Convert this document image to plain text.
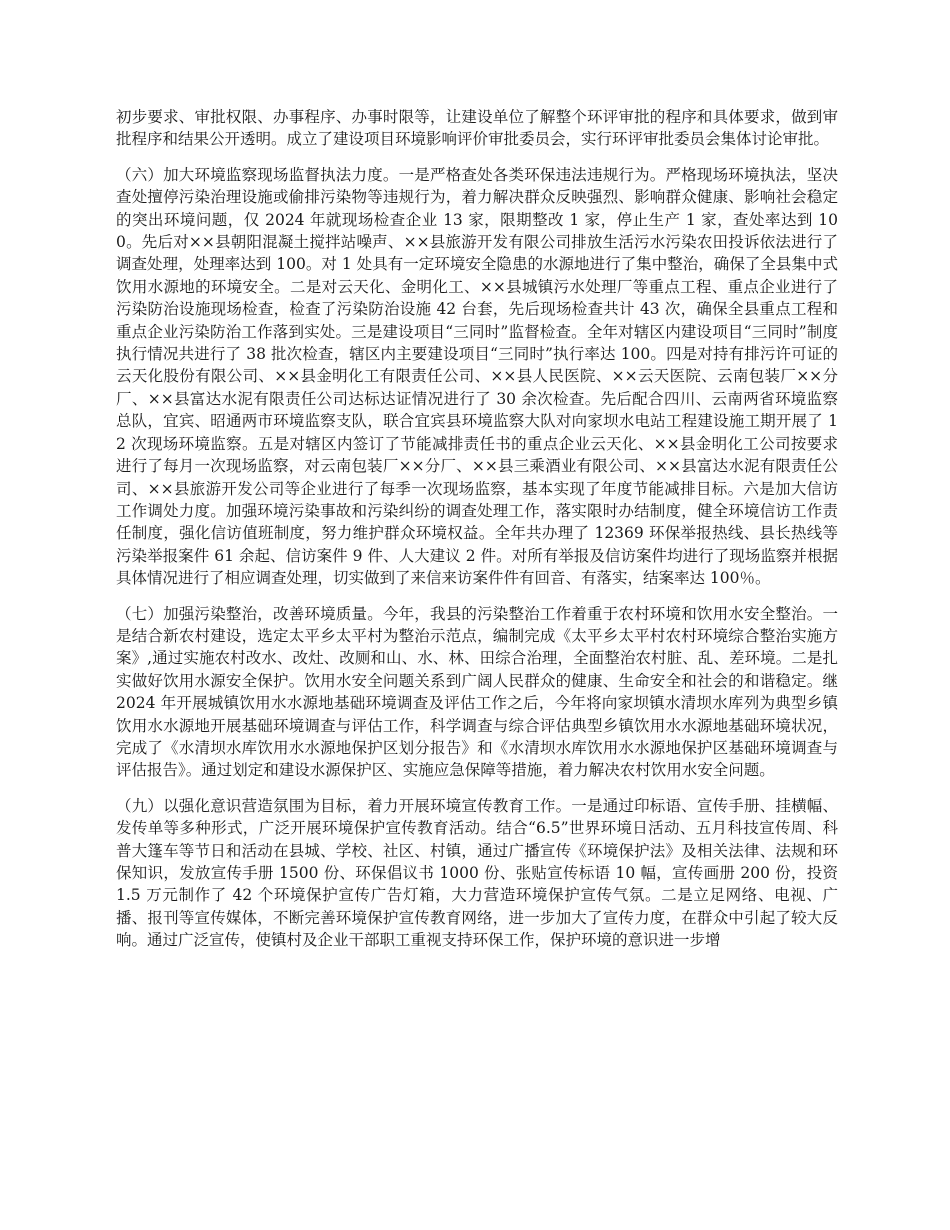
初步要求、审批权限、办事程序、办事时限等，让建设单位了解整个环评审批的程序和具体要求，做到审批程序和结果公开透明。成立了建设项目环境影响评价审批委员会，实行环评审批委员会集体讨论审批。

（六）加大环境监察现场监督执法力度。一是严格查处各类环保违法违规行为。严格现场环境执法，坚决查处擅停污染治理设施或偷排污染物等违规行为，着力解决群众反映强烈、影响群众健康、影响社会稳定的突出环境问题，仅 2024 年就现场检查企业 13 家，限期整改 1 家，停止生产 1 家，查处率达到 100。先后对××县朝阳混凝土搅拌站噪声、××县旅游开发有限公司排放生活污水污染农田投诉依法进行了调查处理，处理率达到 100。对 1 处具有一定环境安全隐患的水源地进行了集中整治，确保了全县集中式饮用水源地的环境安全。二是对云天化、金明化工、××县城镇污水处理厂等重点工程、重点企业进行了污染防治设施现场检查，检查了污染防治设施 42 台套，先后现场检查共计 43 次，确保全县重点工程和重点企业污染防治工作落到实处。三是建设项目“三同时”监督检查。全年对辖区内建设项目“三同时”制度执行情况共进行了 38 批次检查，辖区内主要建设项目“三同时”执行率达 100。四是对持有排污许可证的云天化股份有限公司、××县金明化工有限责任公司、××县人民医院、××云天医院、云南包装厂××分厂、××县富达水泥有限责任公司达标达证情况进行了 30 余次检查。先后配合四川、云南两省环境监察总队，宜宾、昭通两市环境监察支队，联合宜宾县环境监察大队对向家坝水电站工程建设施工期开展了 12 次现场环境监察。五是对辖区内签订了节能减排责任书的重点企业云天化、××县金明化工公司按要求进行了每月一次现场监察，对云南包装厂××分厂、××县三乘酒业有限公司、××县富达水泥有限责任公司、××县旅游开发公司等企业进行了每季一次现场监察，基本实现了年度节能减排目标。六是加大信访工作调处力度。加强环境污染事故和污染纠纷的调查处理工作，落实限时办结制度，健全环境信访工作责任制度，强化信访值班制度，努力维护群众环境权益。全年共办理了 12369 环保举报热线、县长热线等污染举报案件 61 余起、信访案件 9 件、人大建议 2 件。对所有举报及信访案件均进行了现场监察并根据具体情况进行了相应调查处理，切实做到了来信来访案件件有回音、有落实，结案率达 100％。

（七）加强污染整治，改善环境质量。今年，我县的污染整治工作着重于农村环境和饮用水安全整治。一是结合新农村建设，选定太平乡太平村为整治示范点，编制完成《太平乡太平村农村环境综合整治实施方案》,通过实施农村改水、改灶、改厕和山、水、林、田综合治理，全面整治农村脏、乱、差环境。二是扎实做好饮用水源安全保护。饮用水安全问题关系到广阔人民群众的健康、生命安全和社会的和谐稳定。继 2024 年开展城镇饮用水水源地基础环境调查及评估工作之后，今年将向家坝镇水清坝水库列为典型乡镇饮用水水源地开展基础环境调查与评估工作，科学调查与综合评估典型乡镇饮用水水源地基础环境状况，完成了《水清坝水库饮用水水源地保护区划分报告》和《水清坝水库饮用水水源地保护区基础环境调查与评估报告》。通过划定和建设水源保护区、实施应急保障等措施，着力解决农村饮用水安全问题。

（九）以强化意识营造氛围为目标，着力开展环境宣传教育工作。一是通过印标语、宣传手册、挂横幅、发传单等多种形式，广泛开展环境保护宣传教育活动。结合“6.5”世界环境日活动、五月科技宣传周、科普大篷车等节日和活动在县城、学校、社区、村镇，通过广播宣传《环境保护法》及相关法律、法规和环保知识，发放宣传手册 1500 份、环保倡议书 1000 份、张贴宣传标语 10 幅，宣传画册 200 份，投资 1.5 万元制作了 42 个环境保护宣传广告灯箱，大力营造环境保护宣传气氛。二是立足网络、电视、广播、报刊等宣传媒体，不断完善环境保护宣传教育网络，进一步加大了宣传力度，在群众中引起了较大反响。通过广泛宣传，使镇村及企业干部职工重视支持环保工作，保护环境的意识进一步增
